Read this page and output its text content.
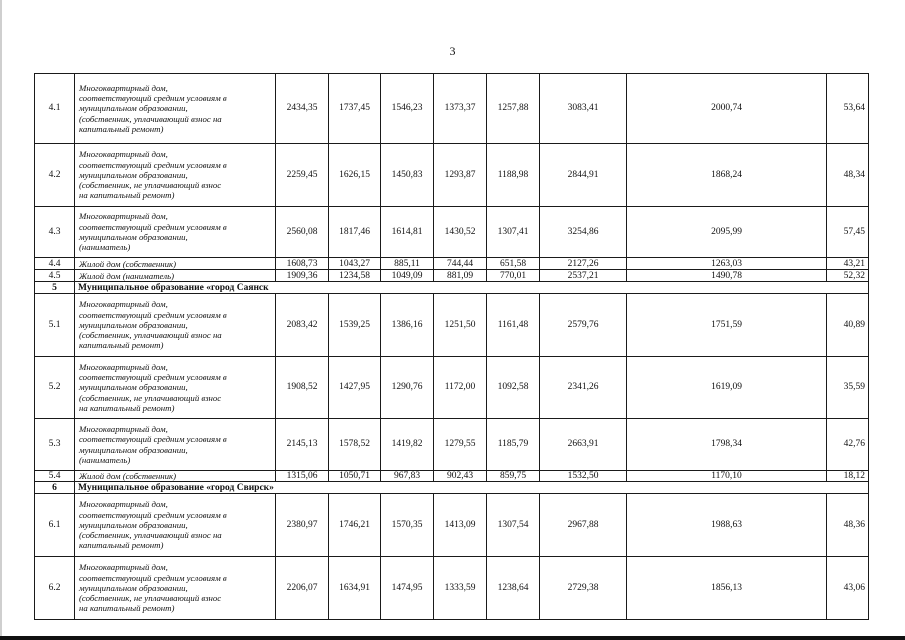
3
4.1	Многоквартирный дом,
соответствующий средним условиям в
муниципальном образовании,
(собственник, уплачивающий взнос на
капитальный ремонт)	2434,35	1737,45	1546,23	1373,37	1257,88	3083,41	2000,74	53,64
4.2	Многоквартирный дом,
соответствующий средним условиям в
муниципальном образовании,
(собственник, не уплачивающий взнос
на капитальный ремонт)	2259,45	1626,15	1450,83	1293,87	1188,98	2844,91	1868,24	48,34
4.3	Многоквартирный дом,
соответствующий средним условиям в
муниципальном образовании,
(наниматель)	2560,08	1817,46	1614,81	1430,52	1307,41	3254,86	2095,99	57,45
4.4	Жилой дом (собственник)	1608,73	1043,27	885,11	744,44	651,58	2127,26	1263,03	43,21
4.5	Жилой дом (наниматель)	1909,36	1234,58	1049,09	881,09	770,01	2537,21	1490,78	52,32
5	Муниципальное образование «город Саянск								
5.1	Многоквартирный дом,
соответствующий средним условиям в
муниципальном образовании,
(собственник, уплачивающий взнос на
капитальный ремонт)	2083,42	1539,25	1386,16	1251,50	1161,48	2579,76	1751,59	40,89
5.2	Многоквартирный дом,
соответствующий средним условиям в
муниципальном образовании,
(собственник, не уплачивающий взнос
на капитальный ремонт)	1908,52	1427,95	1290,76	1172,00	1092,58	2341,26	1619,09	35,59
5.3	Многоквартирный дом,
соответствующий средним условиям в
муниципальном образовании,
(наниматель)	2145,13	1578,52	1419,82	1279,55	1185,79	2663,91	1798,34	42,76
5.4	Жилой дом (собственник)	1315,06	1050,71	967,83	902,43	859,75	1532,50	1170,10	18,12
6	Муниципальное образование «город Свирск»								
6.1	Многоквартирный дом,
соответствующий средним условиям в
муниципальном образовании,
(собственник, уплачивающий взнос на
капитальный ремонт)	2380,97	1746,21	1570,35	1413,09	1307,54	2967,88	1988,63	48,36
6.2	Многоквартирный дом,
соответствующий средним условиям в
муниципальном образовании,
(собственник, не уплачивающий взнос
на капитальный ремонт)	2206,07	1634,91	1474,95	1333,59	1238,64	2729,38	1856,13	43,06
